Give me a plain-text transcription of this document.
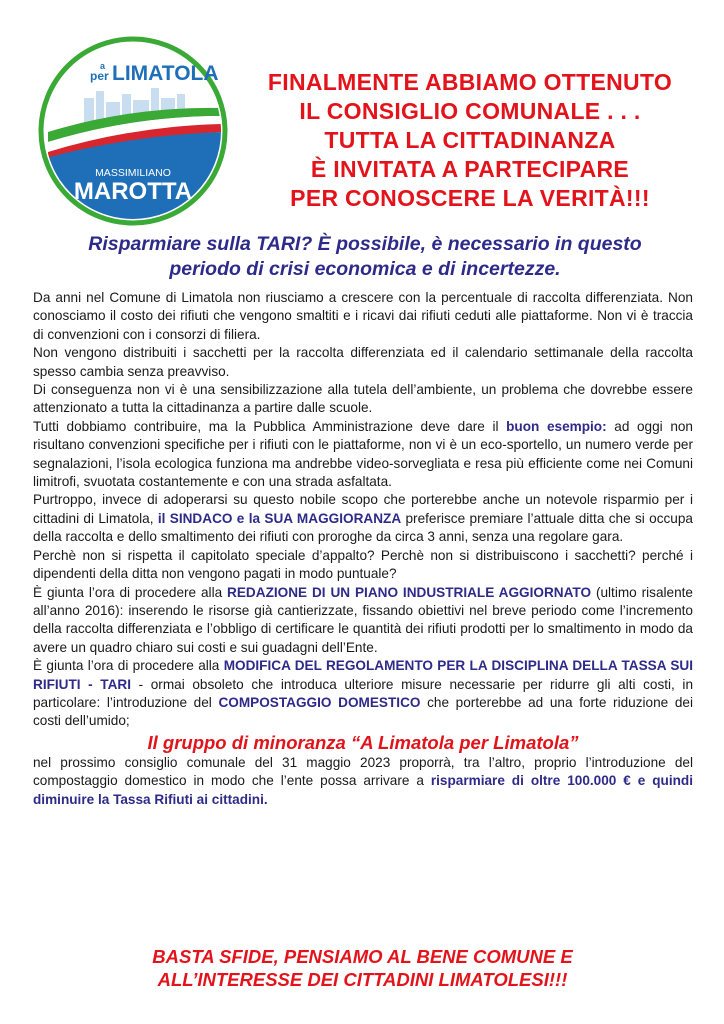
a
per LIMATOLA
MASSIMILIANO
MAROTTA
FINALMENTE ABBIAMO OTTENUTO
IL CONSIGLIO COMUNALE . . .
TUTTA LA CITTADINANZA
È INVITATA A PARTECIPARE
PER CONOSCERE LA VERITÀ!!!
Risparmiare sulla TARI? È possibile, è necessario in questo
periodo di crisi economica e di incertezze.

Da anni nel Comune di Limatola non riusciamo a crescere con la percentuale di raccolta differenziata. Non conosciamo il costo dei rifiuti che vengono smaltiti e i ricavi dai rifiuti ceduti alle piattaforme. Non vi è traccia di convenzioni con i consorzi di filiera.

Non vengono distribuiti i sacchetti per la raccolta differenziata ed il calendario settimanale della raccolta spesso cambia senza preavviso.

Di conseguenza non vi è una sensibilizzazione alla tutela dell’ambiente, un problema che dovrebbe essere attenzionato a tutta la cittadinanza a partire dalle scuole.

Tutti dobbiamo contribuire, ma la Pubblica Amministrazione deve dare il buon esempio: ad oggi non risultano convenzioni specifiche per i rifiuti con le piattaforme, non vi è un eco-sportello, un numero verde per segnalazioni, l’isola ecologica funziona ma andrebbe video-sorvegliata e resa più efficiente come nei Comuni limitrofi, svuotata costantemente e con una strada asfaltata.

Purtroppo, invece di adoperarsi su questo nobile scopo che porterebbe anche un notevole risparmio per i cittadini di Limatola, il SINDACO e la SUA MAGGIORANZA preferisce premiare l’attuale ditta che si occupa della raccolta e dello smaltimento dei rifiuti con proroghe da circa 3 anni, senza una regolare gara.

Perchè non si rispetta il capitolato speciale d’appalto? Perchè non si distribuiscono i sacchetti? perché i dipendenti della ditta non vengono pagati in modo puntuale?

È giunta l’ora di procedere alla REDAZIONE DI UN PIANO INDUSTRIALE AGGIORNATO (ultimo risalente all’anno 2016): inserendo le risorse già cantierizzate, fissando obiettivi nel breve periodo come l’incremento della raccolta differenziata e l’obbligo di certificare le quantità dei rifiuti prodotti per lo smaltimento in modo da avere un quadro chiaro sui costi e sui guadagni dell’Ente.

È giunta l’ora di procedere alla MODIFICA DEL REGOLAMENTO PER LA DISCIPLINA DELLA TASSA SUI RIFIUTI - TARI - ormai obsoleto che introduca ulteriore misure necessarie per ridurre gli alti costi, in particolare: l’introduzione del COMPOSTAGGIO DOMESTICO che porterebbe ad una forte riduzione dei costi dell’umido;

Il gruppo di minoranza “A Limatola per Limatola”

nel prossimo consiglio comunale del 31 maggio 2023 proporrà, tra l’altro, proprio l’introduzione del compostaggio domestico in modo che l’ente possa arrivare a risparmiare di oltre 100.000 € e quindi diminuire la Tassa Rifiuti ai cittadini.

BASTA SFIDE, PENSIAMO AL BENE COMUNE E
ALL’INTERESSE DEI CITTADINI LIMATOLESI!!!
